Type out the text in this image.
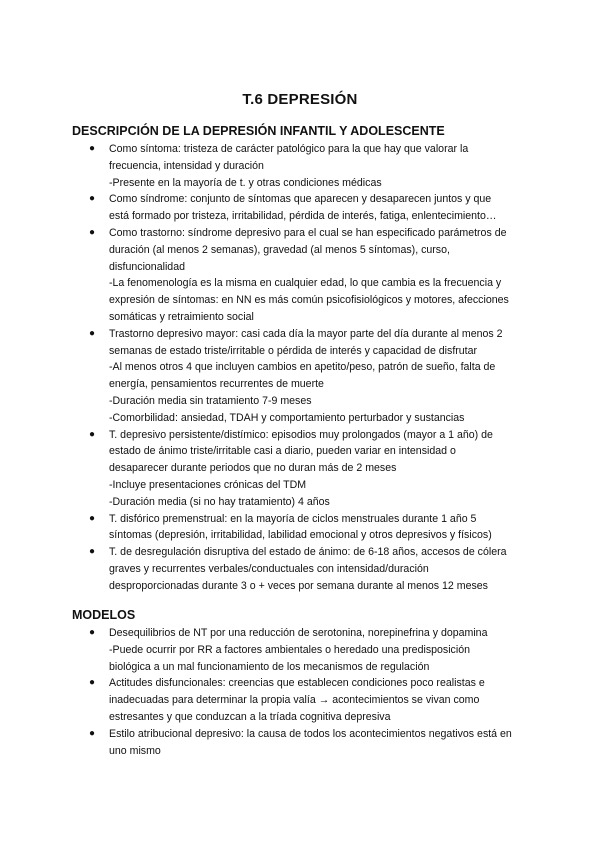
T.6 DEPRESIÓN
DESCRIPCIÓN DE LA DEPRESIÓN INFANTIL Y ADOLESCENTE
● Como síntoma: tristeza de carácter patológico para la que hay que valorar la
frecuencia, intensidad y duración
-Presente en la mayoría de t. y otras condiciones médicas
● Como síndrome: conjunto de síntomas que aparecen y desaparecen juntos y que
está formado por tristeza, irritabilidad, pérdida de interés, fatiga, enlentecimiento…
● Como trastorno: síndrome depresivo para el cual se han especificado parámetros de
duración (al menos 2 semanas), gravedad (al menos 5 síntomas), curso,
disfuncionalidad
-La fenomenología es la misma en cualquier edad, lo que cambia es la frecuencia y
expresión de síntomas: en NN es más común psicofisiológicos y motores, afecciones
somáticas y retraimiento social
● Trastorno depresivo mayor: casi cada día la mayor parte del día durante al menos 2
semanas de estado triste/irritable o pérdida de interés y capacidad de disfrutar
-Al menos otros 4 que incluyen cambios en apetito/peso, patrón de sueño, falta de
energía, pensamientos recurrentes de muerte
-Duración media sin tratamiento 7-9 meses
-Comorbilidad: ansiedad, TDAH y comportamiento perturbador y sustancias
● T. depresivo persistente/distímico: episodios muy prolongados (mayor a 1 año) de
estado de ánimo triste/irritable casi a diario, pueden variar en intensidad o
desaparecer durante periodos que no duran más de 2 meses
-Incluye presentaciones crónicas del TDM
-Duración media (si no hay tratamiento) 4 años
● T. disfórico premenstrual: en la mayoría de ciclos menstruales durante 1 año 5
síntomas (depresión, irritabilidad, labilidad emocional y otros depresivos y físicos)
● T. de desregulación disruptiva del estado de ánimo: de 6-18 años, accesos de cólera
graves y recurrentes verbales/conductuales con intensidad/duración
desproporcionadas durante 3 o + veces por semana durante al menos 12 meses
MODELOS
● Desequilibrios de NT por una reducción de serotonina, norepinefrina y dopamina
-Puede ocurrir por RR a factores ambientales o heredado una predisposición
biológica a un mal funcionamiento de los mecanismos de regulación
● Actitudes disfuncionales: creencias que establecen condiciones poco realistas e
inadecuadas para determinar la propia valía → acontecimientos se vivan como
estresantes y que conduzcan a la tríada cognitiva depresiva
● Estilo atribucional depresivo: la causa de todos los acontecimientos negativos está en
uno mismo
